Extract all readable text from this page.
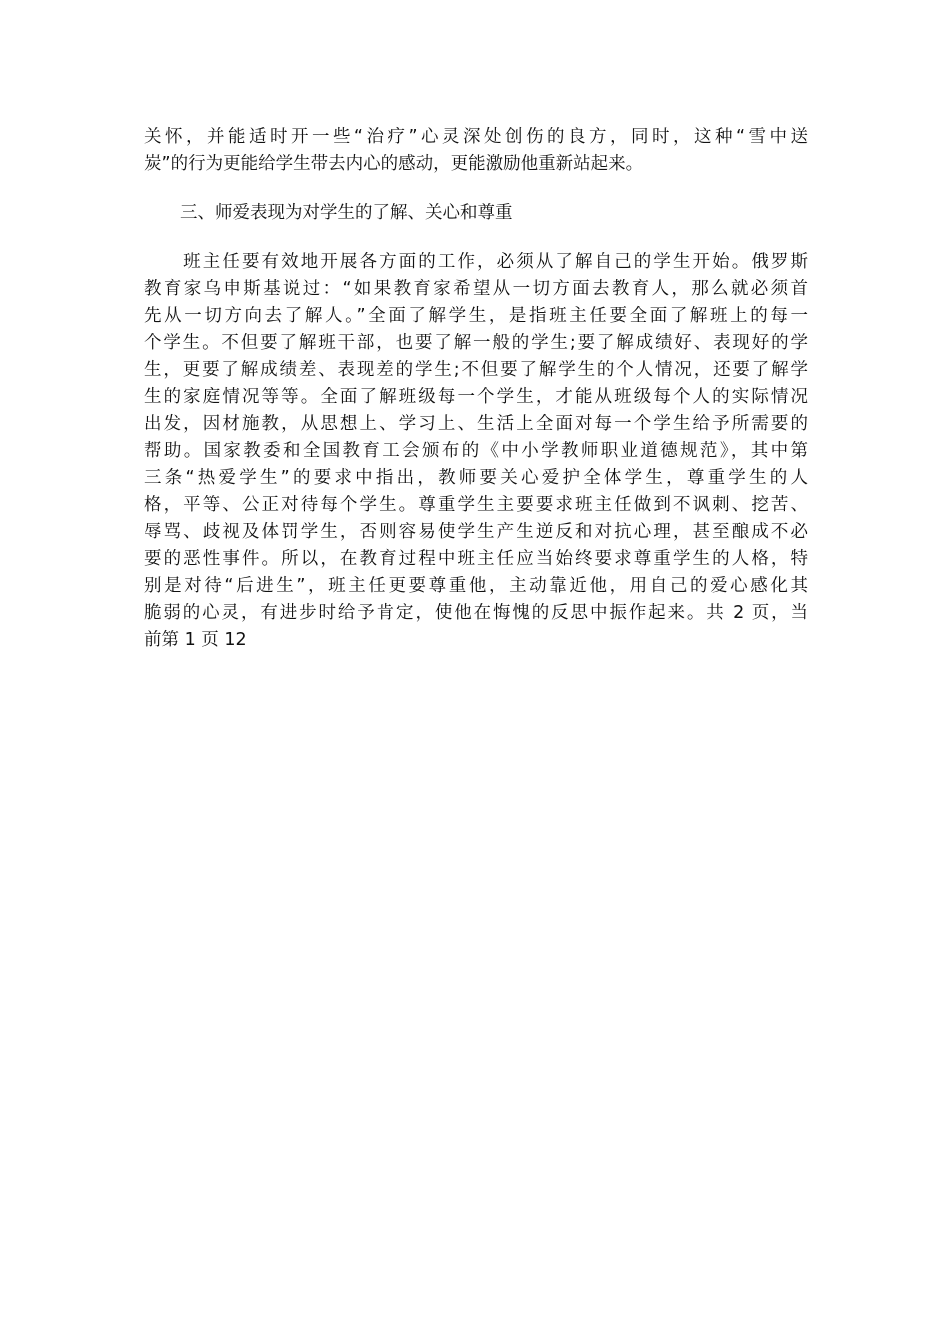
关怀，并能适时开一些“治疗”心灵深处创伤的良方，同时，这种“雪中送
炭”的行为更能给学生带去内心的感动，更能激励他重新站起来。
三、师爱表现为对学生的了解、关心和尊重
　　班主任要有效地开展各方面的工作，必须从了解自己的学生开始。俄罗斯
教育家乌申斯基说过：“如果教育家希望从一切方面去教育人，那么就必须首
先从一切方向去了解人。”全面了解学生，是指班主任要全面了解班上的每一
个学生。不但要了解班干部，也要了解一般的学生;要了解成绩好、表现好的学
生，更要了解成绩差、表现差的学生;不但要了解学生的个人情况，还要了解学
生的家庭情况等等。全面了解班级每一个学生，才能从班级每个人的实际情况
出发，因材施教，从思想上、学习上、生活上全面对每一个学生给予所需要的
帮助。国家教委和全国教育工会颁布的《中小学教师职业道德规范》，其中第
三条“热爱学生”的要求中指出，教师要关心爱护全体学生，尊重学生的人
格，平等、公正对待每个学生。尊重学生主要要求班主任做到不讽刺、挖苦、
辱骂、歧视及体罚学生，否则容易使学生产生逆反和对抗心理，甚至酿成不必
要的恶性事件。所以，在教育过程中班主任应当始终要求尊重学生的人格，特
别是对待“后进生”，班主任更要尊重他，主动靠近他，用自己的爱心感化其
脆弱的心灵，有进步时给予肯定，使他在悔愧的反思中振作起来。共 2 页，当
前第 1 页 12
